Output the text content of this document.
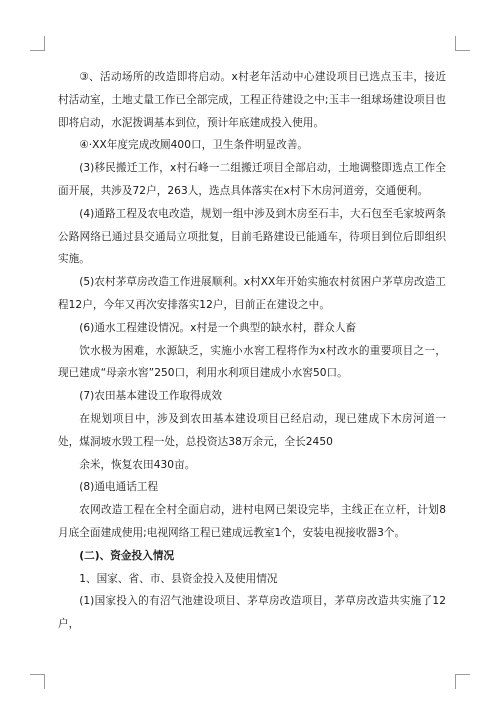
③、活动场所的改造即将启动。x村老年活动中心建设项目已选点玉丰，接近村活动室，土地丈量工作已全部完成，工程正待建设之中;玉丰一组球场建设项目也即将启动，水泥拨调基本到位，预计年底建成投入使用。

④·XX年度完成改厕400口，卫生条件明显改善。

(3)移民搬迁工作，x村石峰一二组搬迁项目全部启动，土地调整即选点工作全面开展，共涉及72户，263人，选点具体落实在x村下木房河道旁，交通便利。

(4)通路工程及农电改造，规划一组中涉及到木房至石丰，大石包至毛家坡两条公路网络已通过县交通局立项批复，目前毛路建设已能通车，待项目到位后即组织实施。

(5)农村茅草房改造工作进展顺利。x村XX年开始实施农村贫困户茅草房改造工程12户，今年又再次安排落实12户，目前正在建设之中。

(6)通水工程建设情况。x村是一个典型的缺水村，群众人畜

饮水极为困难，水源缺乏，实施小水窖工程将作为x村改水的重要项目之一，现已建成“母亲水窖”250口，利用水利项目建成小水窖50口。

(7)农田基本建设工作取得成效

在规划项目中，涉及到农田基本建设项目已经启动，现已建成下木房河道一处，煤洞坡水毁工程一处，总投资达38万余元，全长2450

余米，恢复农田430亩。

(8)通电通话工程

农网改造工程在全村全面启动，进村电网已架设完毕，主线正在立杆，计划8月底全面建成使用;电视网络工程已建成远教室1个，安装电视接收器3个。

(二)、资金投入情况

1、国家、省、市、县资金投入及使用情况

(1)国家投入的有沼气池建设项目、茅草房改造项目，茅草房改造共实施了12户，
